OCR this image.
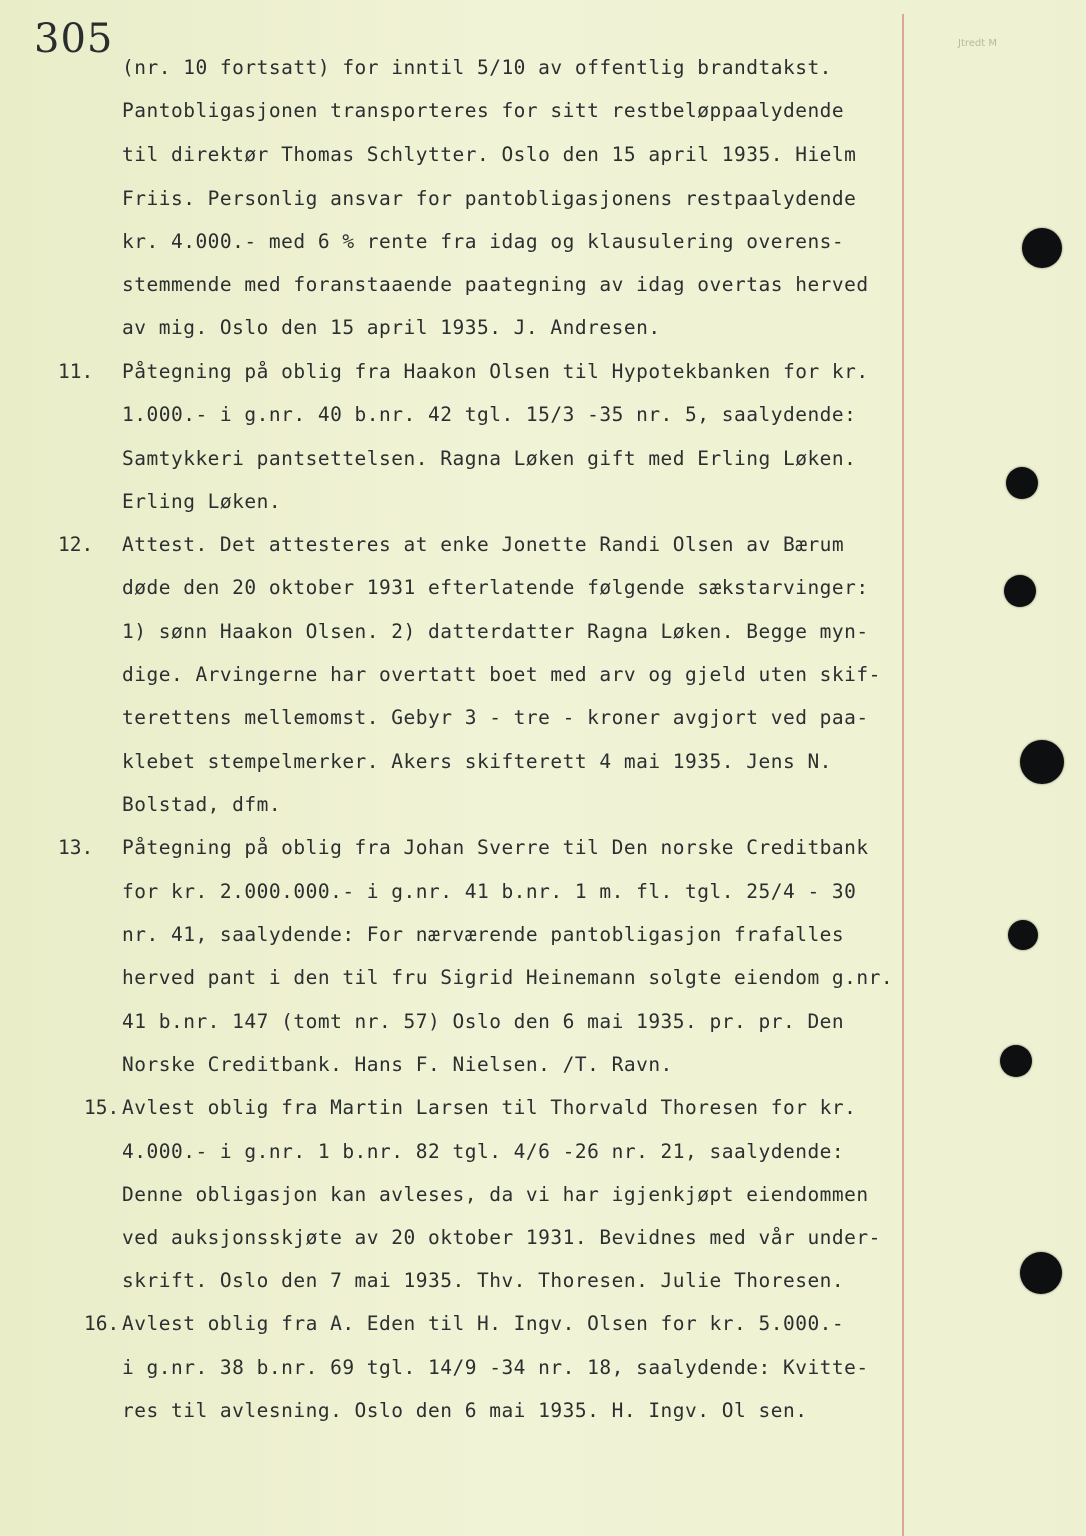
Jtredt M
305
(nr. 10 fortsatt) for inntil 5/10 av offentlig brandtakst.
Pantobligasjonen transporteres for sitt restbeløppaalydende
til direktør Thomas Schlytter. Oslo den 15 april 1935. Hielm
Friis. Personlig ansvar for pantobligasjonens restpaalydende
kr. 4.000.- med 6 % rente fra idag og klausulering overens-
stemmende med foranstaaende paategning av idag overtas herved
av mig. Oslo den 15 april 1935. J. Andresen.
11. Påtegning på oblig fra Haakon Olsen til Hypotekbanken for kr.
1.000.- i g.nr. 40 b.nr. 42 tgl. 15/3 -35 nr. 5, saalydende:
Samtykkeri pantsettelsen. Ragna Løken gift med Erling Løken.
Erling Løken.
12. Attest. Det attesteres at enke Jonette Randi Olsen av Bærum
døde den 20 oktober 1931 efterlatende følgende sækstarvinger:
1) sønn Haakon Olsen. 2) datterdatter Ragna Løken. Begge myn-
dige. Arvingerne har overtatt boet med arv og gjeld uten skif-
terettens mellemomst. Gebyr 3 - tre - kroner avgjort ved paa-
klebet stempelmerker. Akers skifterett 4 mai 1935. Jens N.
Bolstad, dfm.
13. Påtegning på oblig fra Johan Sverre til Den norske Creditbank
for kr. 2.000.000.- i g.nr. 41 b.nr. 1 m. fl. tgl. 25/4 - 30
nr. 41, saalydende: For nærværende pantobligasjon frafalles
herved pant i den til fru Sigrid Heinemann solgte eiendom g.nr.
41 b.nr. 147 (tomt nr. 57) Oslo den 6 mai 1935. pr. pr. Den
Norske Creditbank. Hans F. Nielsen. /T. Ravn.
15. Avlest oblig fra Martin Larsen til Thorvald Thoresen for kr.
4.000.- i g.nr. 1 b.nr. 82 tgl. 4/6 -26 nr. 21, saalydende:
Denne obligasjon kan avleses, da vi har igjenkjøpt eiendommen
ved auksjonsskjøte av 20 oktober 1931. Bevidnes med vår under-
skrift. Oslo den 7 mai 1935. Thv. Thoresen. Julie Thoresen.
16. Avlest oblig fra A. Eden til H. Ingv. Olsen for kr. 5.000.-
i g.nr. 38 b.nr. 69 tgl. 14/9 -34 nr. 18, saalydende: Kvitte-
res til avlesning. Oslo den 6 mai 1935. H. Ingv. Ol sen.
